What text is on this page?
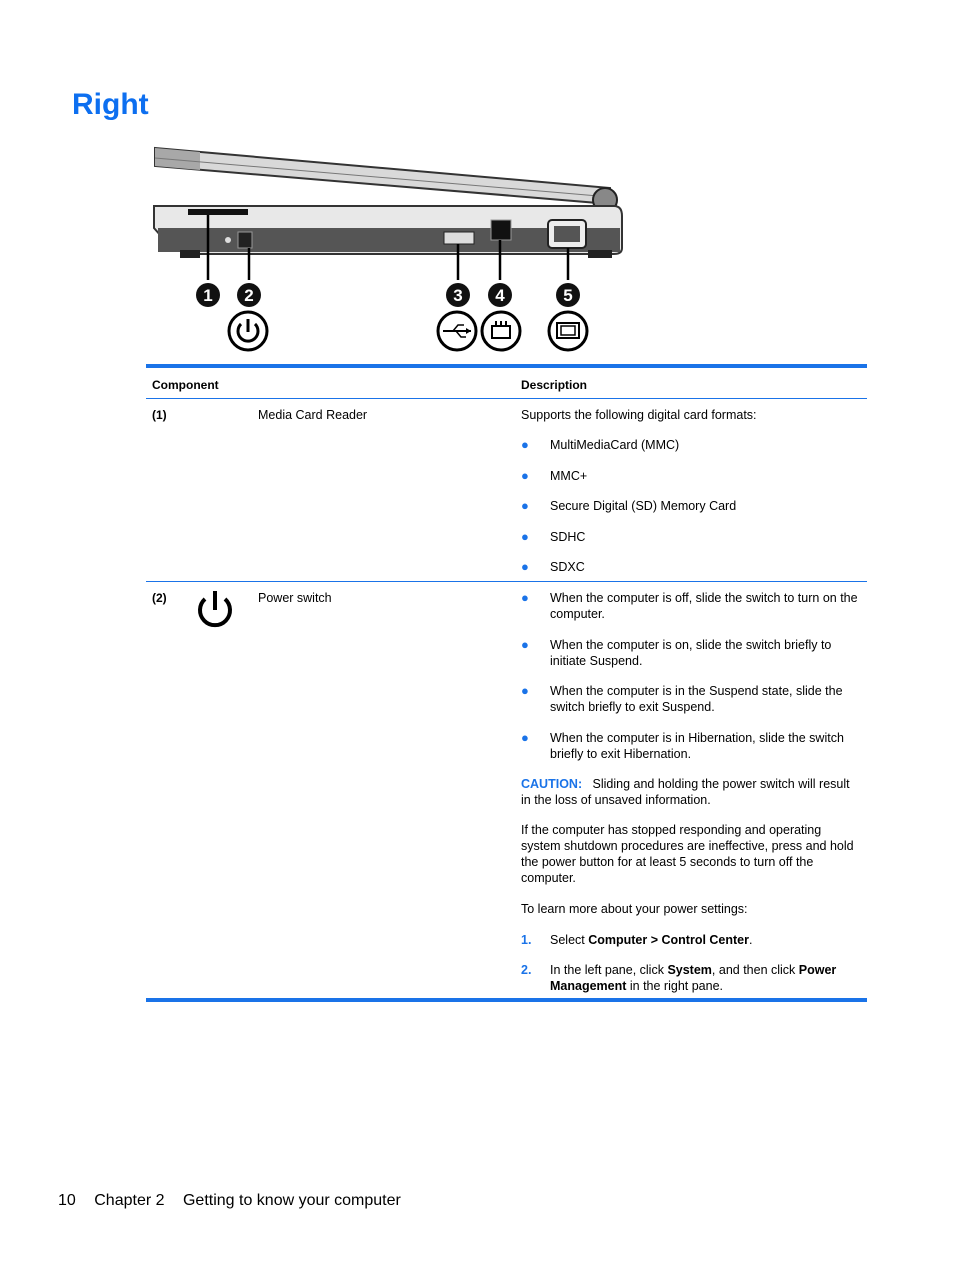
Right
1 2	3 4	5
Component	Description
(1)	Media Card Reader	Supports the following digital card formats:
● MultiMediaCard (MMC)
● MMC+
● Secure Digital (SD) Memory Card
● SDHC
● SDXC
(2)	Power switch	● When the computer is off, slide the switch to turn on the computer.
● When the computer is on, slide the switch briefly to initiate Suspend.
● When the computer is in the Suspend state, slide the switch briefly to exit Suspend.
● When the computer is in Hibernation, slide the switch briefly to exit Hibernation.
CAUTION: Sliding and holding the power switch will result in the loss of unsaved information.
If the computer has stopped responding and operating system shutdown procedures are ineffective, press and hold the power button for at least 5 seconds to turn off the computer.
To learn more about your power settings:
1. Select Computer > Control Center.
2. In the left pane, click System, and then click Power Management in the right pane.
10 Chapter 2 Getting to know your computer
